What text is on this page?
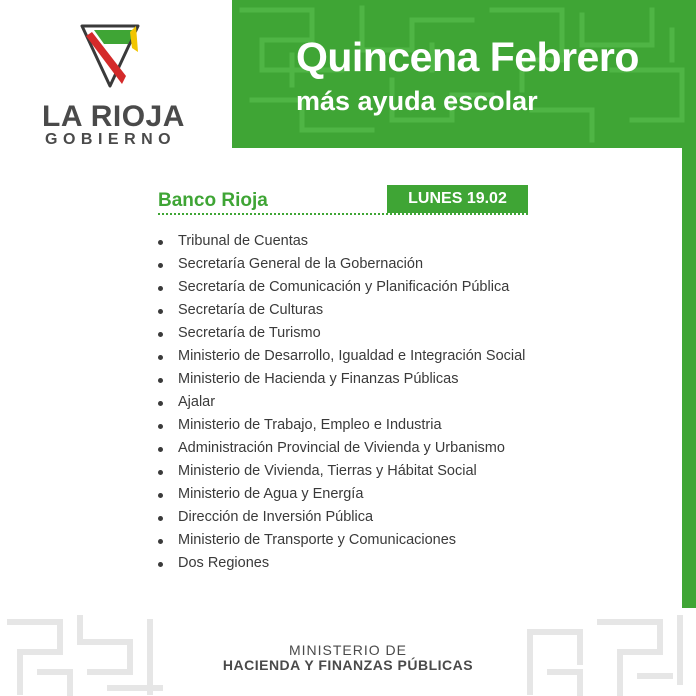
Quincena Febrero
más ayuda escolar
LA RIOJA
GOBIERNO
Banco Rioja	LUNES 19.02
Tribunal de Cuentas
Secretaría General de la Gobernación
Secretaría de Comunicación y Planificación Pública
Secretaría de Culturas
Secretaría de Turismo
Ministerio de Desarrollo, Igualdad e Integración Social
Ministerio de Hacienda y Finanzas Públicas
Ajalar
Ministerio de Trabajo, Empleo e Industria
Administración Provincial de Vivienda y Urbanismo
Ministerio de Vivienda, Tierras y Hábitat Social
Ministerio de Agua y Energía
Dirección de Inversión Pública
Ministerio de Transporte y Comunicaciones
Dos Regiones
MINISTERIO DE
HACIENDA Y FINANZAS PÚBLICAS
